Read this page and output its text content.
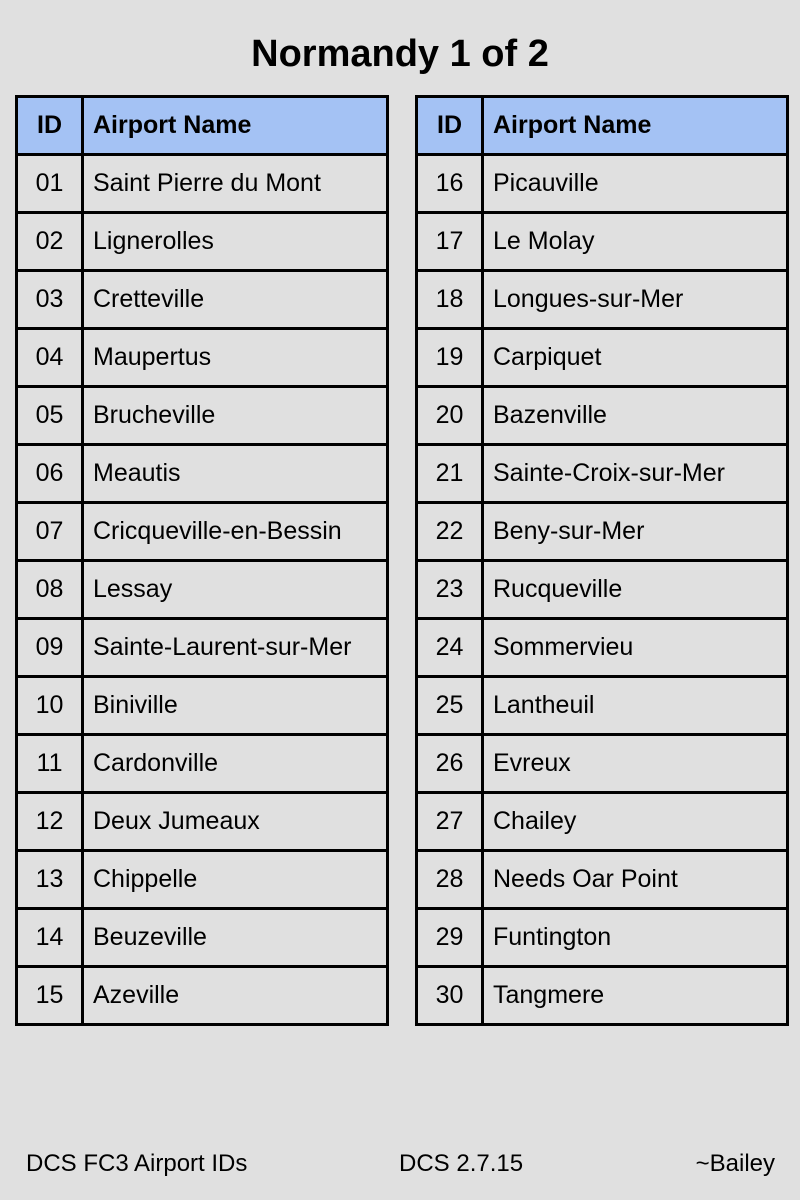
Normandy 1 of 2
ID	Airport Name
01	Saint Pierre du Mont
02	Lignerolles
03	Cretteville
04	Maupertus
05	Brucheville
06	Meautis
07	Cricqueville-en-Bessin
08	Lessay
09	Sainte-Laurent-sur-Mer
10	Biniville
11	Cardonville
12	Deux Jumeaux
13	Chippelle
14	Beuzeville
15	Azeville
ID	Airport Name
16	Picauville
17	Le Molay
18	Longues-sur-Mer
19	Carpiquet
20	Bazenville
21	Sainte-Croix-sur-Mer
22	Beny-sur-Mer
23	Rucqueville
24	Sommervieu
25	Lantheuil
26	Evreux
27	Chailey
28	Needs Oar Point
29	Funtington
30	Tangmere
DCS FC3 Airport IDs	DCS 2.7.15	~Bailey
